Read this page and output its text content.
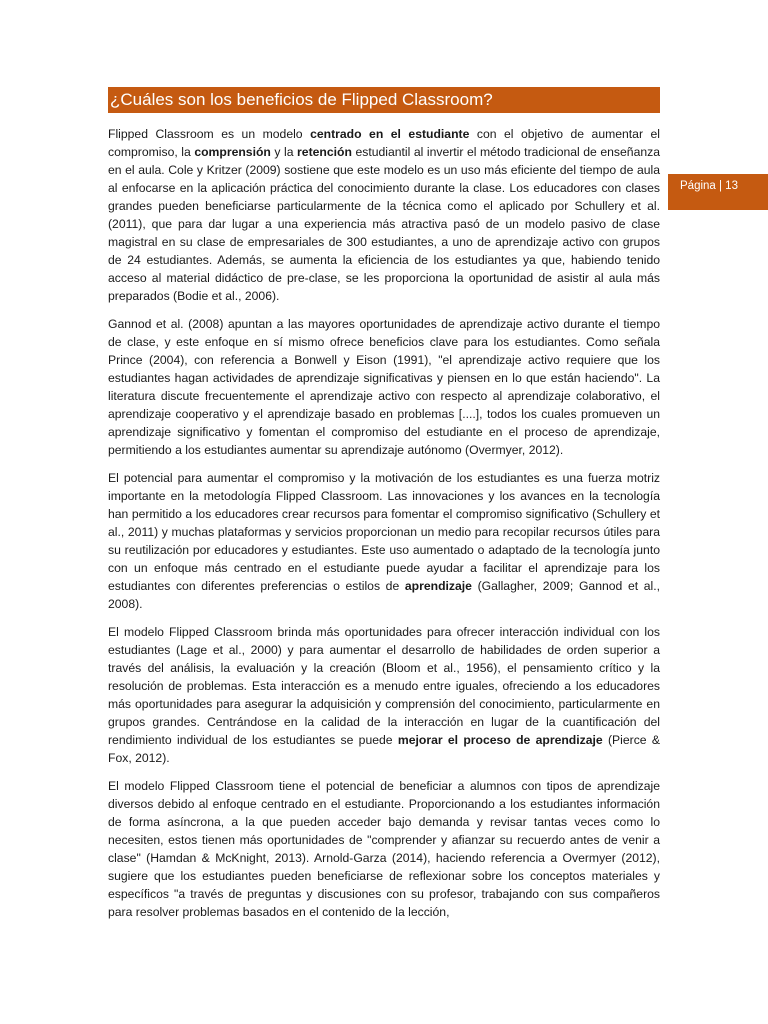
¿Cuáles son los beneficios de Flipped Classroom?
Página | 13

Flipped Classroom es un modelo centrado en el estudiante con el objetivo de aumentar el compromiso, la comprensión y la retención estudiantil al invertir el método tradicional de enseñanza en el aula. Cole y Kritzer (2009) sostiene que este modelo es un uso más eficiente del tiempo de aula al enfocarse en la aplicación práctica del conocimiento durante la clase. Los educadores con clases grandes pueden beneficiarse particularmente de la técnica como el aplicado por Schullery et al. (2011), que para dar lugar a una experiencia más atractiva pasó de un modelo pasivo de clase magistral en su clase de empresariales de 300 estudiantes, a uno de aprendizaje activo con grupos de 24 estudiantes. Además, se aumenta la eficiencia de los estudiantes ya que, habiendo tenido acceso al material didáctico de pre-clase, se les proporciona la oportunidad de asistir al aula más preparados (Bodie et al., 2006).

Gannod et al. (2008) apuntan a las mayores oportunidades de aprendizaje activo durante el tiempo de clase, y este enfoque en sí mismo ofrece beneficios clave para los estudiantes. Como señala Prince (2004), con referencia a Bonwell y Eison (1991), "el aprendizaje activo requiere que los estudiantes hagan actividades de aprendizaje significativas y piensen en lo que están haciendo". La literatura discute frecuentemente el aprendizaje activo con respecto al aprendizaje colaborativo, el aprendizaje cooperativo y el aprendizaje basado en problemas [....], todos los cuales promueven un aprendizaje significativo y fomentan el compromiso del estudiante en el proceso de aprendizaje, permitiendo a los estudiantes aumentar su aprendizaje autónomo (Overmyer, 2012).

El potencial para aumentar el compromiso y la motivación de los estudiantes es una fuerza motriz importante en la metodología Flipped Classroom. Las innovaciones y los avances en la tecnología han permitido a los educadores crear recursos para fomentar el compromiso significativo (Schullery et al., 2011) y muchas plataformas y servicios proporcionan un medio para recopilar recursos útiles para su reutilización por educadores y estudiantes. Este uso aumentado o adaptado de la tecnología junto con un enfoque más centrado en el estudiante puede ayudar a facilitar el aprendizaje para los estudiantes con diferentes preferencias o estilos de aprendizaje (Gallagher, 2009; Gannod et al., 2008).

El modelo Flipped Classroom brinda más oportunidades para ofrecer interacción individual con los estudiantes (Lage et al., 2000) y para aumentar el desarrollo de habilidades de orden superior a través del análisis, la evaluación y la creación (Bloom et al., 1956), el pensamiento crítico y la resolución de problemas. Esta interacción es a menudo entre iguales, ofreciendo a los educadores más oportunidades para asegurar la adquisición y comprensión del conocimiento, particularmente en grupos grandes. Centrándose en la calidad de la interacción en lugar de la cuantificación del rendimiento individual de los estudiantes se puede mejorar el proceso de aprendizaje (Pierce & Fox, 2012).

El modelo Flipped Classroom tiene el potencial de beneficiar a alumnos con tipos de aprendizaje diversos debido al enfoque centrado en el estudiante. Proporcionando a los estudiantes información de forma asíncrona, a la que pueden acceder bajo demanda y revisar tantas veces como lo necesiten, estos tienen más oportunidades de "comprender y afianzar su recuerdo antes de venir a clase" (Hamdan & McKnight, 2013). Arnold-Garza (2014), haciendo referencia a Overmyer (2012), sugiere que los estudiantes pueden beneficiarse de reflexionar sobre los conceptos materiales y específicos "a través de preguntas y discusiones con su profesor, trabajando con sus compañeros para resolver problemas basados en el contenido de la lección,
